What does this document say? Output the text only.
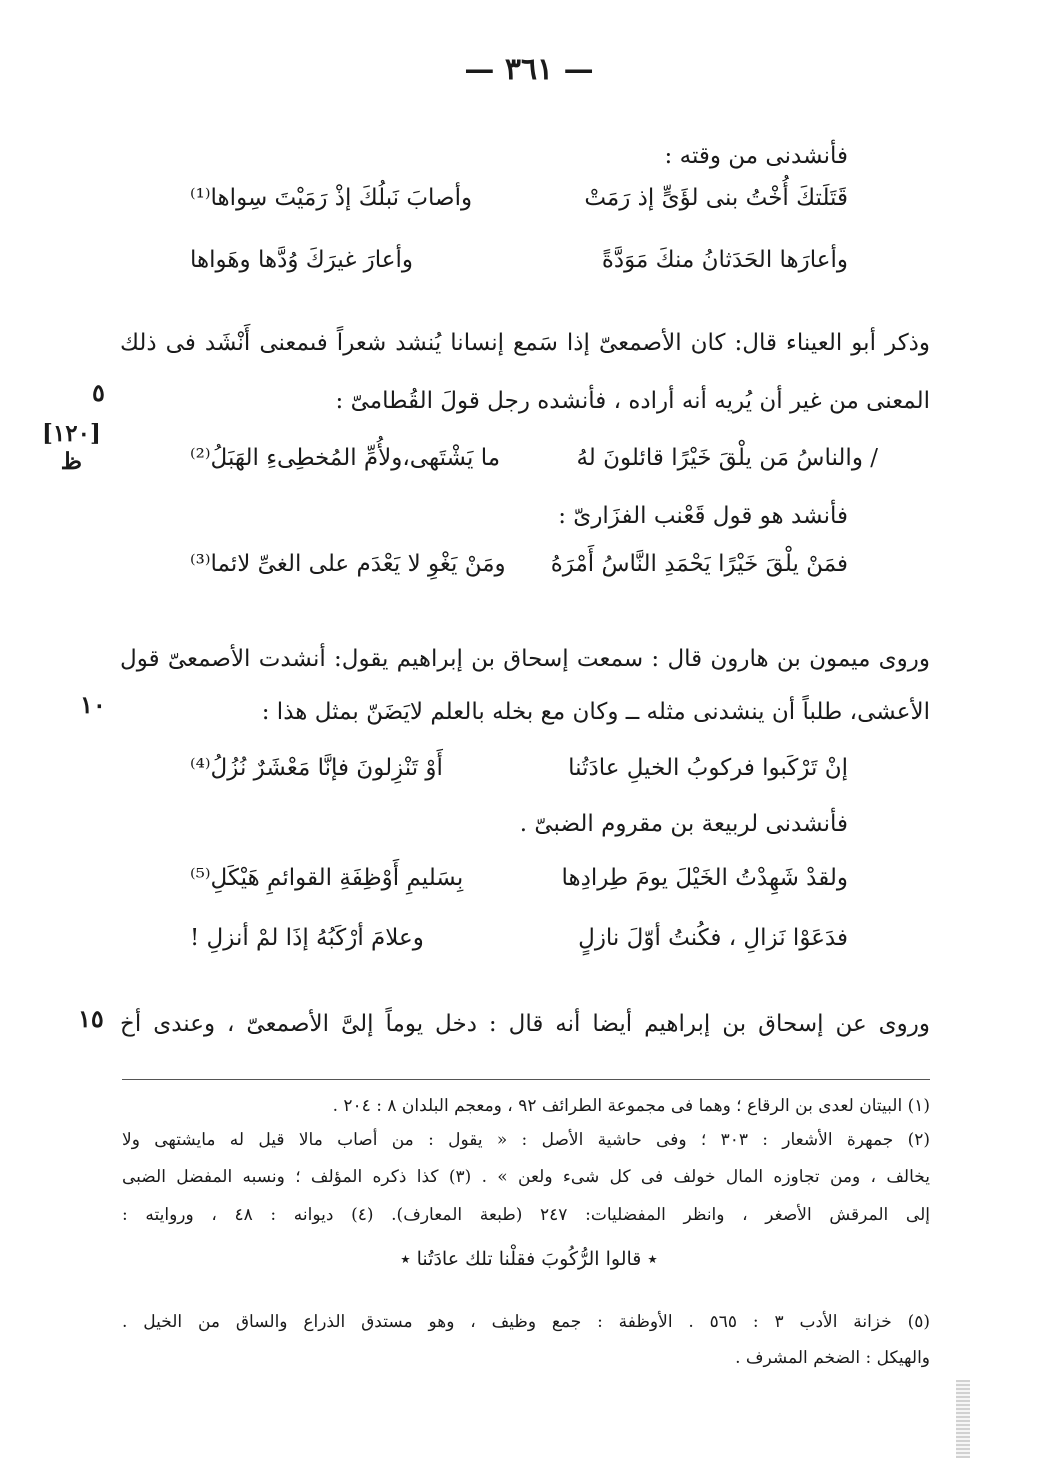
— ٣٦١ —
[١٢٠]
ظ
٥
١٠
١٥
فأنشدنى من وقته :
قَتَلَتكَ أُخْتُ بنى لؤَىٍّ إذ رَمَتْ
وأصابَ نَبلُكَ إذْ رَمَيْتَ سِواها⁽¹⁾
وأعارَها الحَدَثانُ منكَ مَوَدَّةً
وأعارَ غيرَكَ وُدَّها وهَواها
وذكر أبو العيناء قال: كان الأصمعىّ إذا سَمع إنسانا يُنشد شعراً فىمعنى أَنْشَد فى ذلك
المعنى من غير أن يُريه أنه أراده ، فأنشده رجل قولَ القُطامىّ :
/ والناسُ مَن يلْقَ خَيْرًا قائلونَ لهُ
ما يَشْتَهى،ولأُمِّ المُخطِىءِ الهَبَلُ⁽²⁾
فأنشد هو قول قَعْنب الفزَارىّ :
فمَنْ يلْقَ خَيْرًا يَحْمَدِ النَّاسُ أَمْرَهُ
ومَنْ يَغْوِ لا يَعْدَم على الغىِّ لائما⁽³⁾
وروى ميمون بن هارون قال : سمعت إسحاق بن إبراهيم يقول: أنشدت الأصمعىّ قول
الأعشى، طلباً أن ينشدنى مثله ــ وكان مع بخله بالعلم لايَضَنّ بمثل هذا :
إنْ تَرْكَبوا فركوبُ الخيلِ عادَتُنا
أَوْ تَنْزِلونَ فإنَّا مَعْشَرٌ نُزُلُ⁽⁴⁾
فأنشدنى لربيعة بن مقروم الضبىّ .
ولقدْ شَهِدْتُ الخَيْلَ يومَ طِرادِها
بِسَليمِ أَوْظِفَةِ القوائمِ هَيْكَلِ⁽⁵⁾
فدَعَوْا نَزالِ ، فكُنتُ أوّلَ نازلٍ
وعلامَ أرْكَبُهُ إذَا لمْ أنزلِ !
وروى عن إسحاق بن إبراهيم أيضا أنه قال : دخل يوماً إلىَّ الأصمعىّ ، وعندى أخ
(١) البيتان لعدى بن الرقاع ؛ وهما فى مجموعة الطرائف ٩٢ ، ومعجم البلدان ٨ : ٢٠٤ .
(٢) جمهرة الأشعار : ٣٠٣ ؛ وفى حاشية الأصل : « يقول : من أصاب مالا قيل له مايشتهى ولا
يخالف ، ومن تجاوزه المال خولف فى كل شىء ولعن » . (٣) كذا ذكره المؤلف ؛ ونسبه المفضل الضبى
إلى المرقش الأصغر ، وانظر المفضليات: ٢٤٧ (طبعة المعارف). (٤) ديوانه : ٤٨ ، وروايته :
٭ قالوا الرُّكُوبَ فقلْنا تلك عادَتُنا ٭
(٥) خزانة الأدب ٣ : ٥٦٥ . الأوظفة : جمع وظيف ، وهو مستدق الذراع والساق من الخيل .
والهيكل : الضخم المشرف .
